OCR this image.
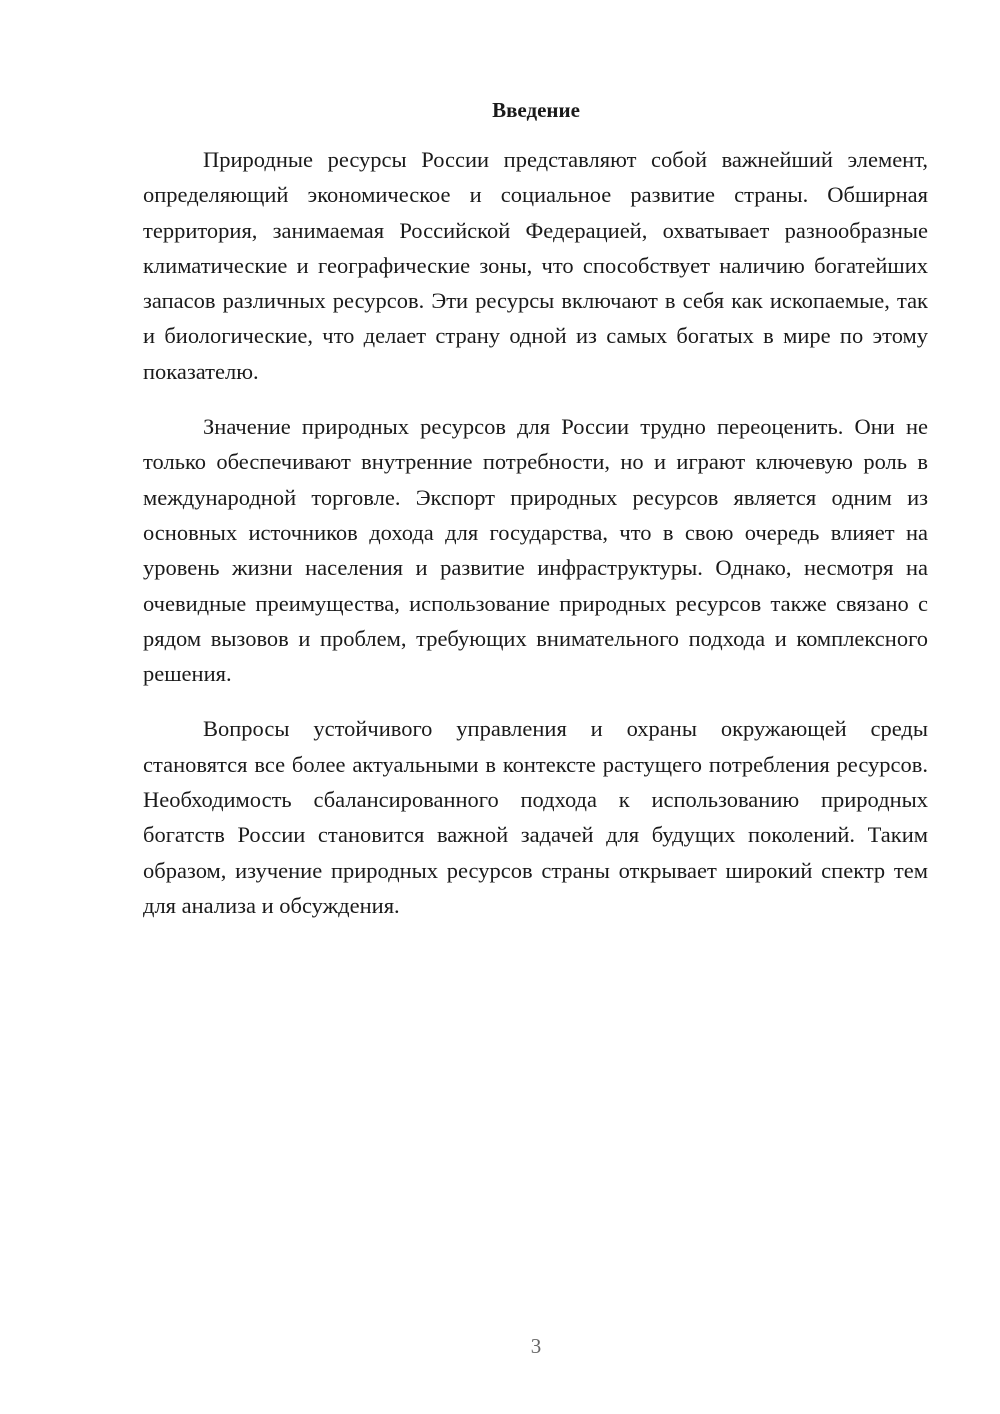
Введение

Природные ресурсы России представляют собой важнейший элемент, определяющий экономическое и социальное развитие страны. Обширная территория, занимаемая Российской Федерацией, охватывает разнообразные климатические и географические зоны, что способствует наличию богатейших запасов различных ресурсов. Эти ресурсы включают в себя как ископаемые, так и биологические, что делает страну одной из самых богатых в мире по этому показателю.

Значение природных ресурсов для России трудно переоценить. Они не только обеспечивают внутренние потребности, но и играют ключевую роль в международной торговле. Экспорт природных ресурсов является одним из основных источников дохода для государства, что в свою очередь влияет на уровень жизни населения и развитие инфраструктуры. Однако, несмотря на очевидные преимущества, использование природных ресурсов также связано с рядом вызовов и проблем, требующих внимательного подхода и комплексного решения.

Вопросы устойчивого управления и охраны окружающей среды становятся все более актуальными в контексте растущего потребления ресурсов. Необходимость сбалансированного подхода к использованию природных богатств России становится важной задачей для будущих поколений. Таким образом, изучение природных ресурсов страны открывает широкий спектр тем для анализа и обсуждения.

3
